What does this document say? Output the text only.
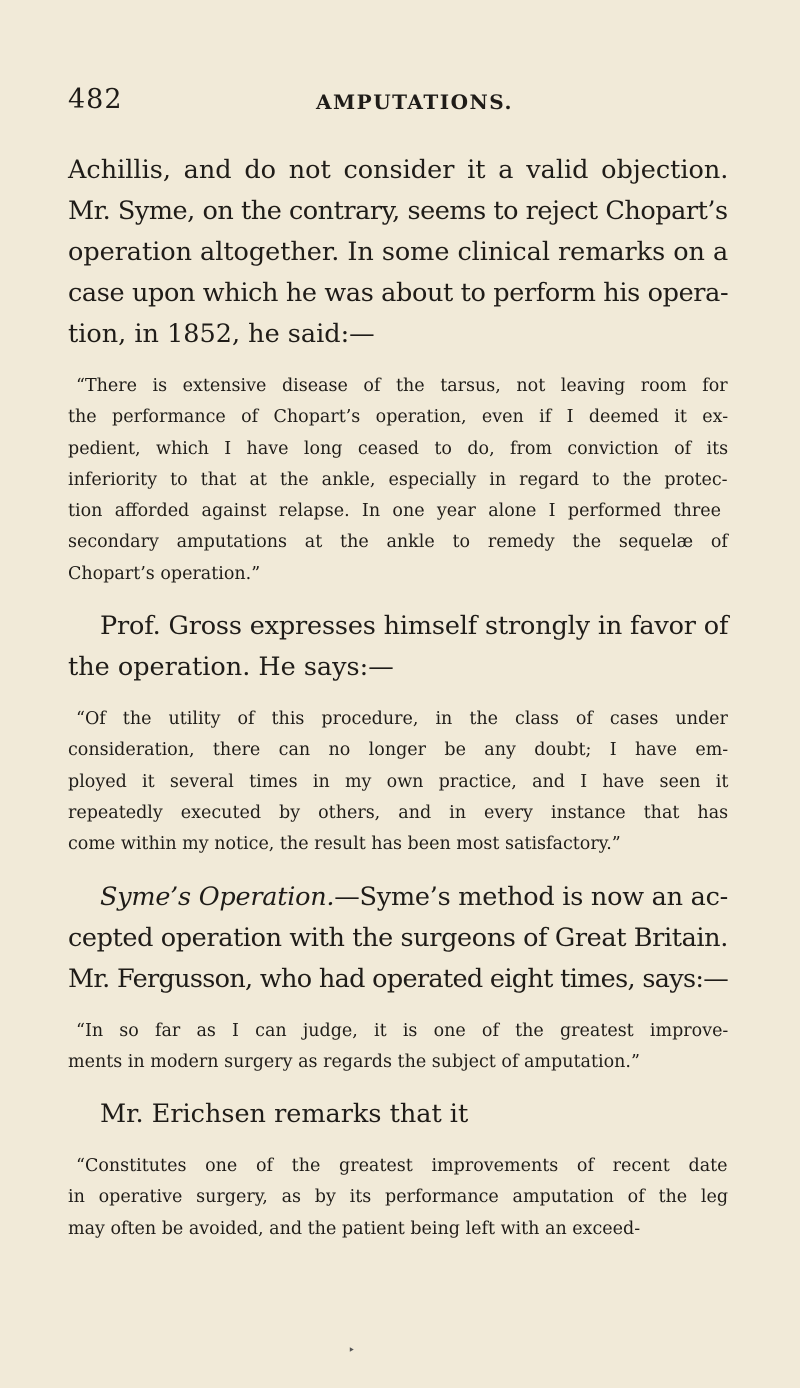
482	AMPUTATIONS.
Achillis, and do not consider it a valid objection.
Mr. Syme, on the contrary, seems to reject Chopart’s
operation altogether. In some clinical remarks on a
case upon which he was about to perform his opera-
tion, in 1852, he said:—
“There is extensive disease of the tarsus, not leaving room for
the performance of Chopart’s operation, even if I deemed it ex-
pedient, which I have long ceased to do, from conviction of its
inferiority to that at the ankle, especially in regard to the protec-
tion afforded against relapse. In one year alone I performed three
secondary amputations at the ankle to remedy the sequelæ of
Chopart’s operation.”
Prof. Gross expresses himself strongly in favor of
the operation. He says:—
“Of the utility of this procedure, in the class of cases under
consideration, there can no longer be any doubt; I have em-
ployed it several times in my own practice, and I have seen it
repeatedly executed by others, and in every instance that has
come within my notice, the result has been most satisfactory.”
Syme’s Operation.—Syme’s method is now an ac-
cepted operation with the surgeons of Great Britain.
Mr. Fergusson, who had operated eight times, says:—
“In so far as I can judge, it is one of the greatest improve-
ments in modern surgery as regards the subject of amputation.”
Mr. Erichsen remarks that it
“Constitutes one of the greatest improvements of recent date
in operative surgery, as by its performance amputation of the leg
may often be avoided, and the patient being left with an exceed-
‣
